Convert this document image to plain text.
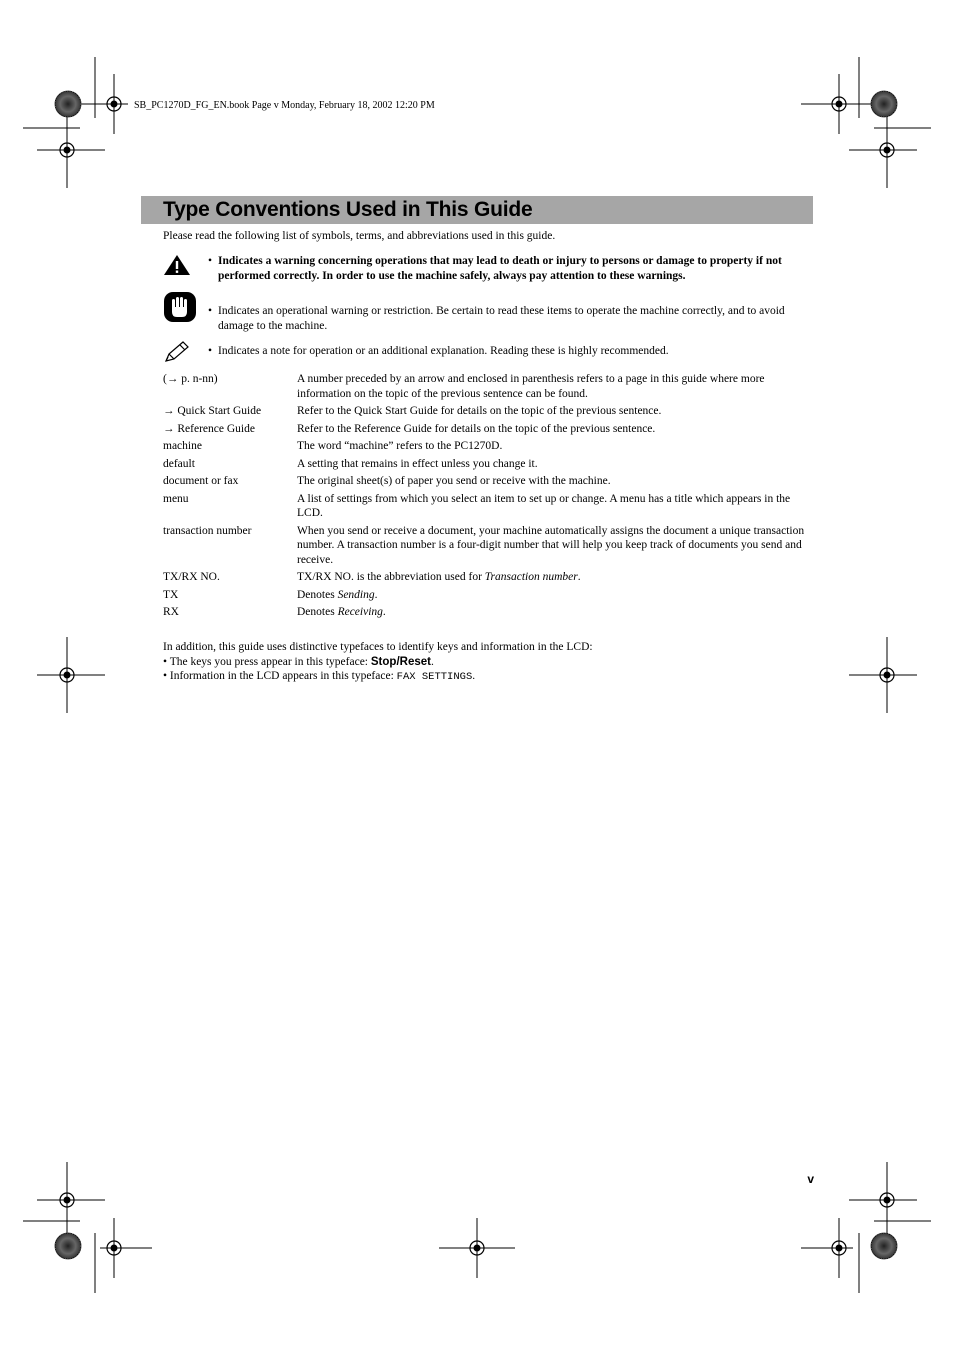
SB_PC1270D_FG_EN.book Page v Monday, February 18, 2002 12:20 PM
Type Conventions Used in This Guide
Please read the following list of symbols, terms, and abbreviations used in this guide.
• Indicates a warning concerning operations that may lead to death or injury to persons or damage to property if not performed correctly. In order to use the machine safely, always pay attention to these warnings.
• Indicates an operational warning or restriction. Be certain to read these items to operate the machine correctly, and to avoid damage to the machine.
• Indicates a note for operation or an additional explanation. Reading these is highly recommended.
(→ p. n-nn)	A number preceded by an arrow and enclosed in parenthesis refers to a page in this guide where more information on the topic of the previous sentence can be found.
→ Quick Start Guide	Refer to the Quick Start Guide for details on the topic of the previous sentence.
→ Reference Guide	Refer to the Reference Guide for details on the topic of the previous sentence.
machine	The word “machine” refers to the PC1270D.
default	A setting that remains in effect unless you change it.
document or fax	The original sheet(s) of paper you send or receive with the machine.
menu	A list of settings from which you select an item to set up or change. A menu has a title which appears in the LCD.
transaction number	When you send or receive a document, your machine automatically assigns the document a unique transaction number. A transaction number is a four-digit number that will help you keep track of documents you send and receive.
TX/RX NO.	TX/RX NO. is the abbreviation used for Transaction number.
TX	Denotes Sending.
RX	Denotes Receiving.
In addition, this guide uses distinctive typefaces to identify keys and information in the LCD:
• The keys you press appear in this typeface: Stop/Reset.
• Information in the LCD appears in this typeface: FAX SETTINGS.
v
